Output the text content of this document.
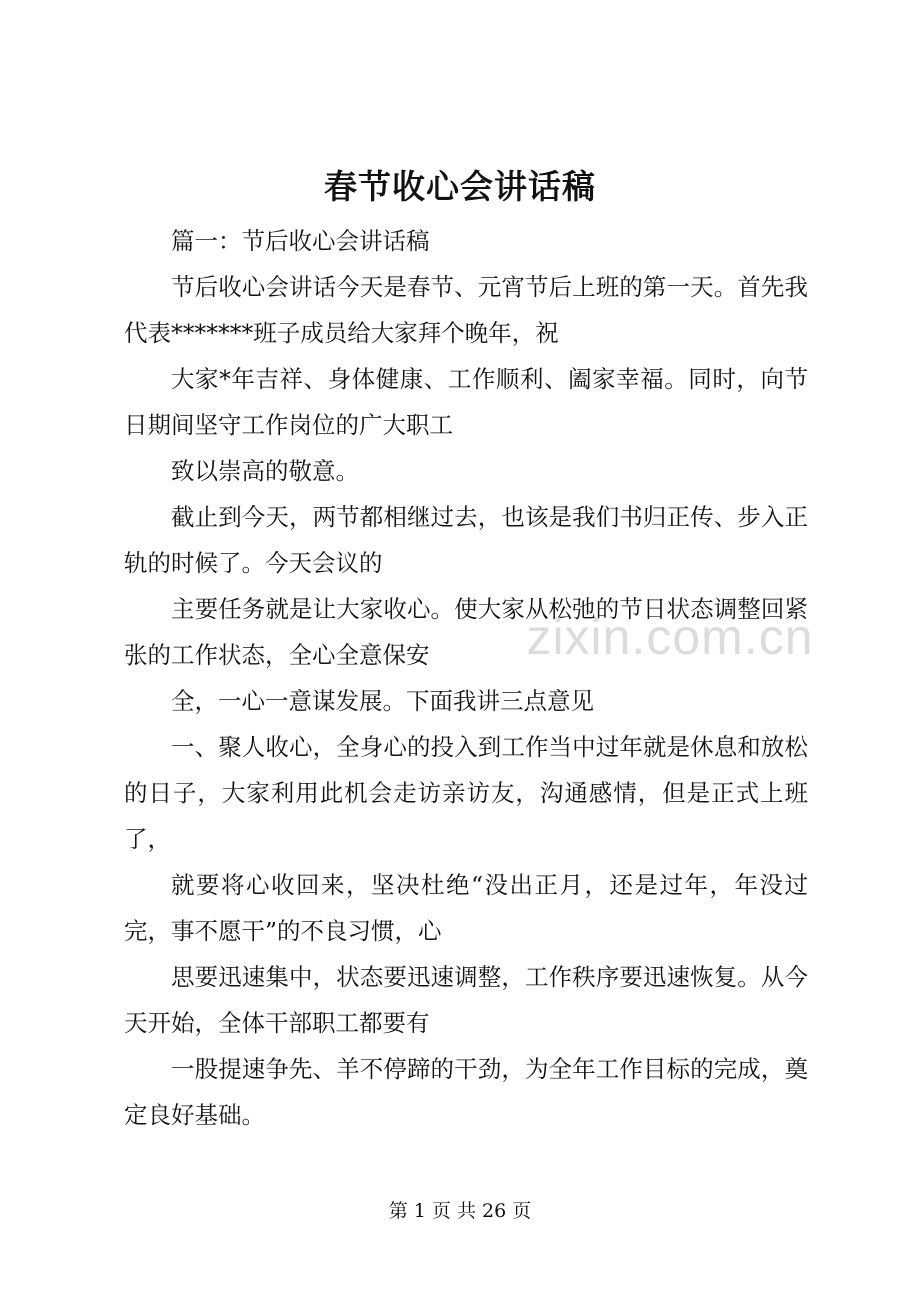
春节收心会讲话稿

篇一：节后收心会讲话稿

节后收心会讲话今天是春节、元宵节后上班的第一天。首先我代表*******班子成员给大家拜个晚年，祝

大家*年吉祥、身体健康、工作顺利、阖家幸福。同时，向节日期间坚守工作岗位的广大职工

致以崇高的敬意。

截止到今天，两节都相继过去，也该是我们书归正传、步入正轨的时候了。今天会议的

主要任务就是让大家收心。使大家从松弛的节日状态调整回紧张的工作状态，全心全意保安

全，一心一意谋发展。下面我讲三点意见

一、聚人收心，全身心的投入到工作当中过年就是休息和放松的日子，大家利用此机会走访亲访友，沟通感情，但是正式上班了，

就要将心收回来，坚决杜绝“没出正月，还是过年，年没过完，事不愿干”的不良习惯，心

思要迅速集中，状态要迅速调整，工作秩序要迅速恢复。从今天开始，全体干部职工都要有

一股提速争先、羊不停蹄的干劲，为全年工作目标的完成，奠定良好基础。

zixin.com.cn
第 1 页 共 26 页
